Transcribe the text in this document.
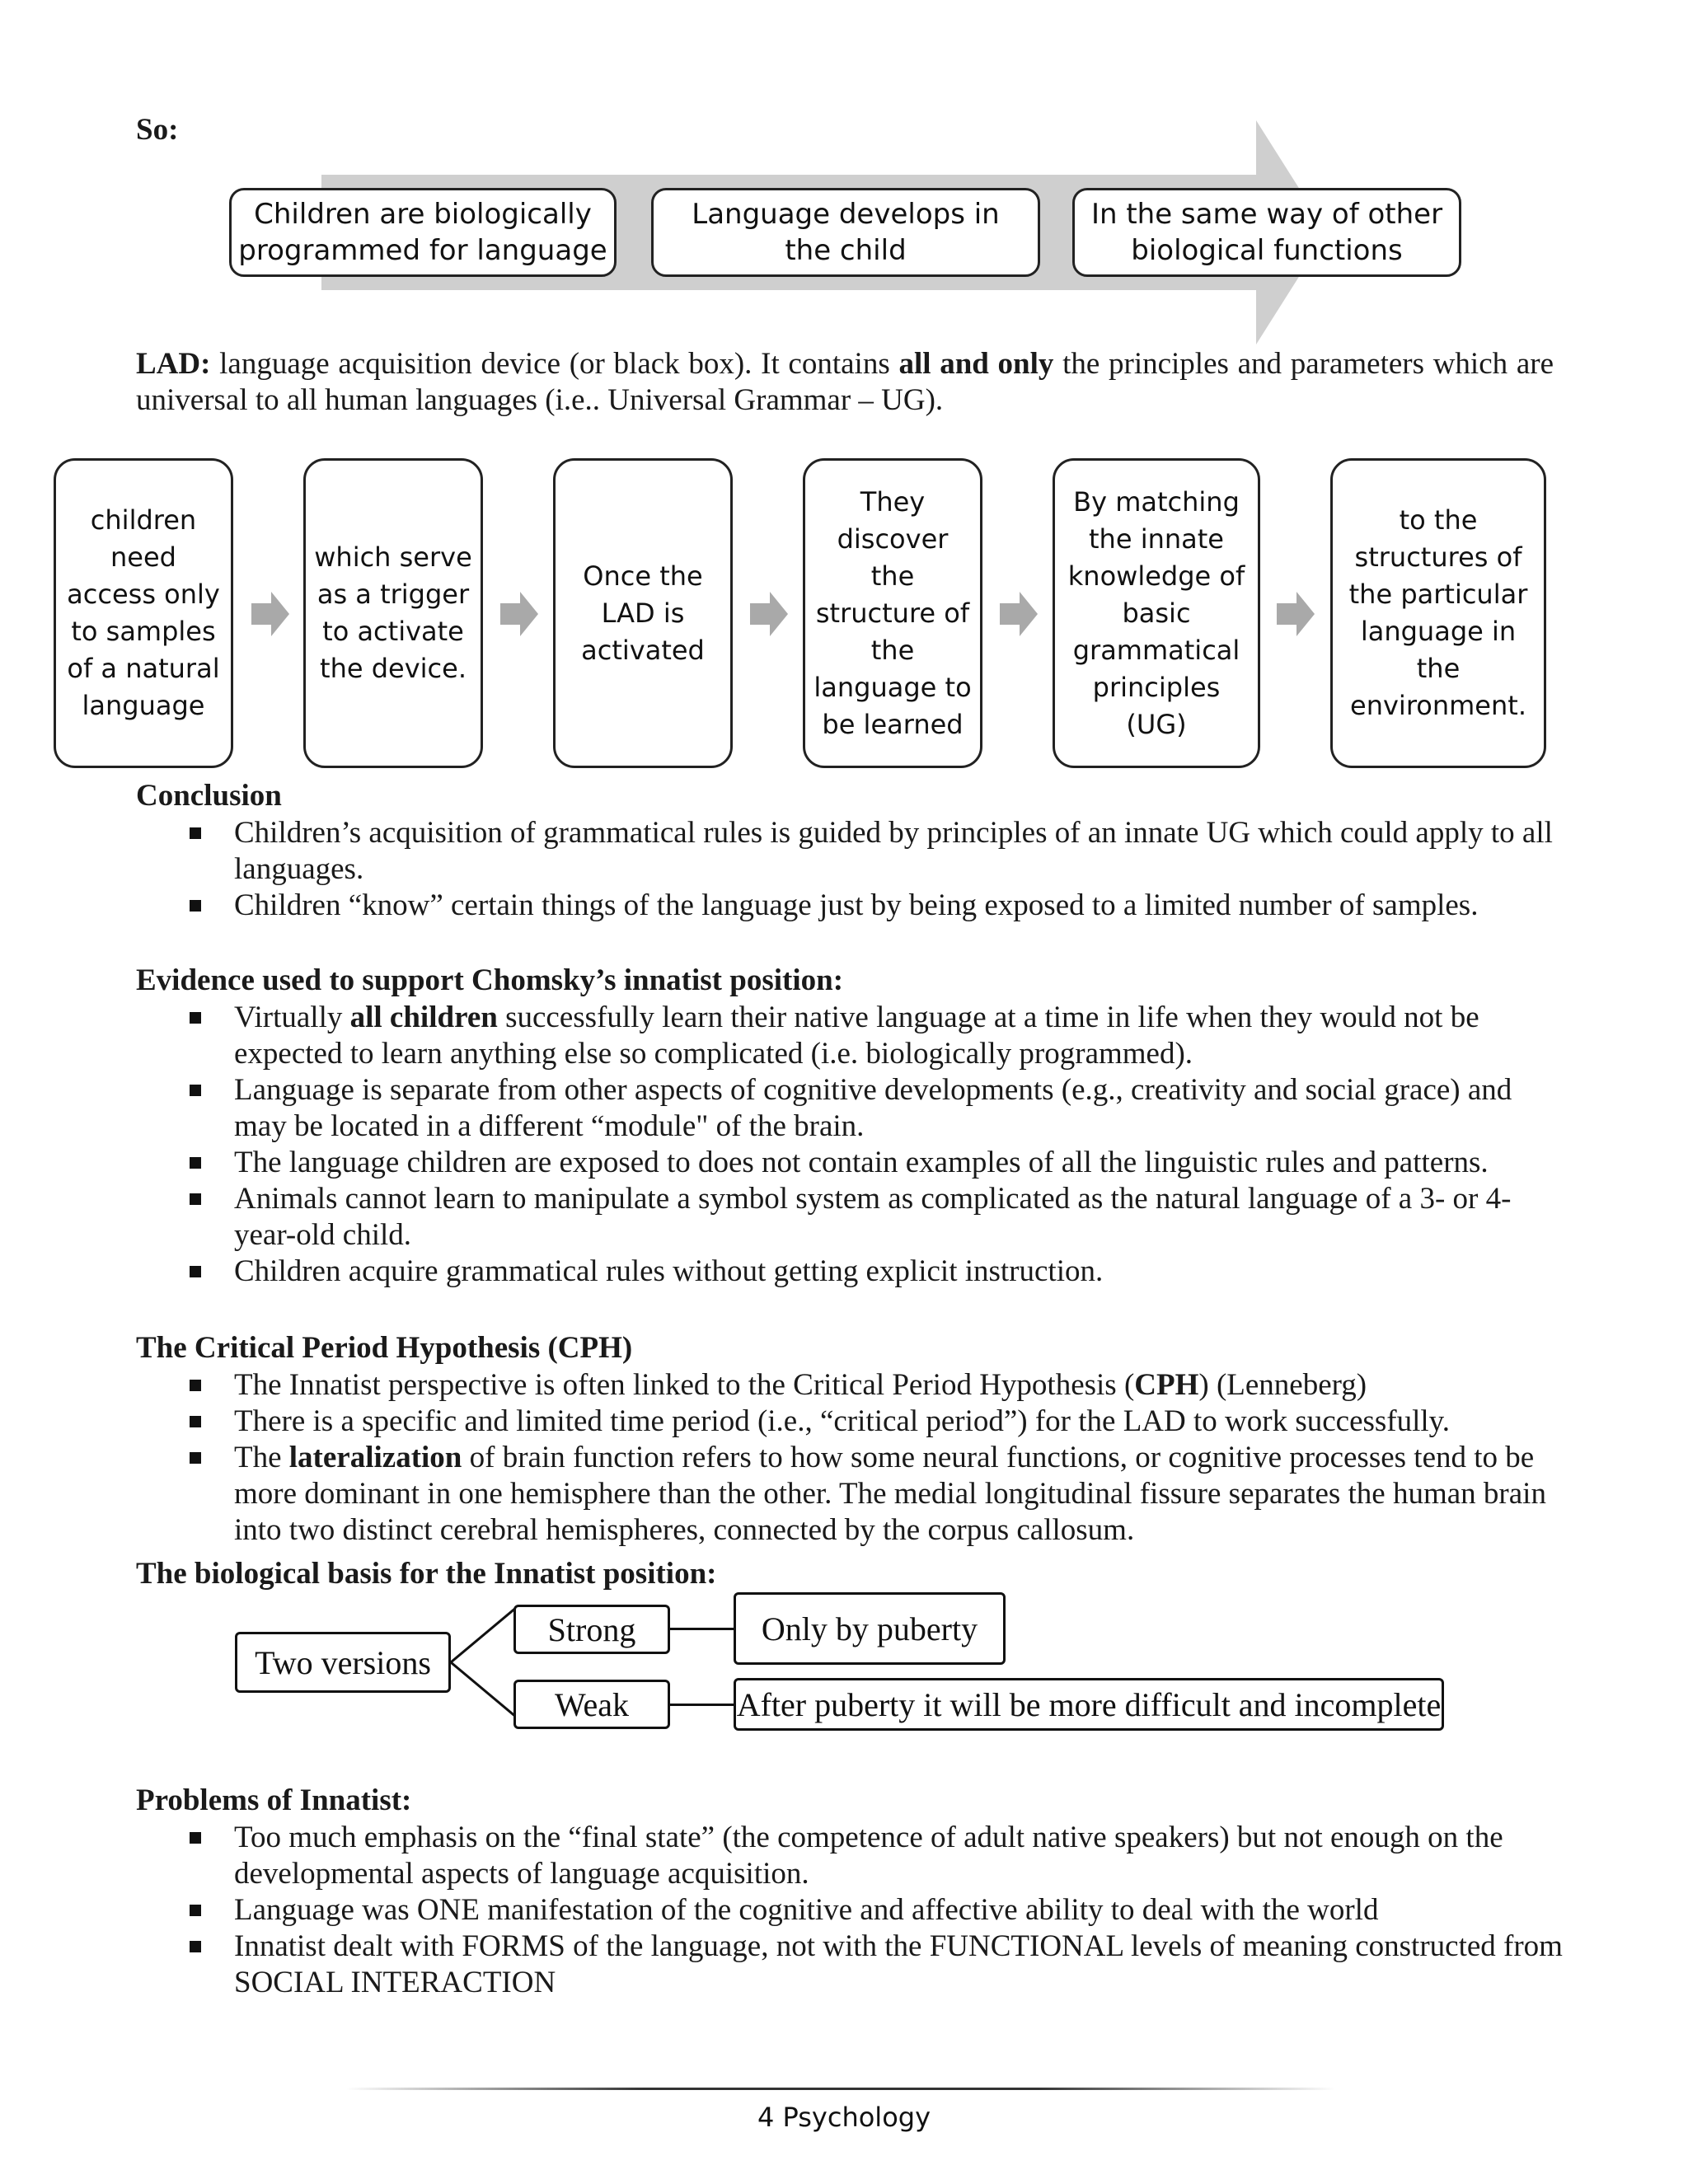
So:
Children are biologically programmed for language
Language develops in the child
In the same way of other biological functions
LAD: language acquisition device (or black box). It contains all and only the principles and parameters which are universal to all human languages (i.e.. Universal Grammar – UG).
children need access only to samples of a natural language
which serve as a trigger to activate the device.
Once the LAD is activated
They discover the structure of the language to be learned
By matching the innate knowledge of basic grammatical principles (UG)
to the structures of the particular language in the environment.
Conclusion
Children’s acquisition of grammatical rules is guided by principles of an innate UG which could apply to all languages.
Children “know” certain things of the language just by being exposed to a limited number of samples.
Evidence used to support Chomsky’s innatist position:
Virtually all children successfully learn their native language at a time in life when they would not be expected to learn anything else so complicated (i.e. biologically programmed).
Language is separate from other aspects of cognitive developments (e.g., creativity and social grace) and may be located in a different “module" of the brain.
The language children are exposed to does not contain examples of all the linguistic rules and patterns.
Animals cannot learn to manipulate a symbol system as complicated as the natural language of a 3- or 4-year-old child.
Children acquire grammatical rules without getting explicit instruction.
The Critical Period Hypothesis (CPH)
The Innatist perspective is often linked to the Critical Period Hypothesis (CPH) (Lenneberg)
There is a specific and limited time period (i.e., “critical period”) for the LAD to work successfully.
The lateralization of brain function refers to how some neural functions, or cognitive processes tend to be more dominant in one hemisphere than the other. The medial longitudinal fissure separates the human brain into two distinct cerebral hemispheres, connected by the corpus callosum.
The biological basis for the Innatist position:
Two versions
Strong
Weak
Only by puberty
After puberty it will be more difficult and incomplete
Problems of Innatist:
Too much emphasis on the “final state” (the competence of adult native speakers) but not enough on the developmental aspects of language acquisition.
Language was ONE manifestation of the cognitive and affective ability to deal with the world
Innatist dealt with FORMS of the language, not with the FUNCTIONAL levels of meaning constructed from SOCIAL INTERACTION
4 Psychology
